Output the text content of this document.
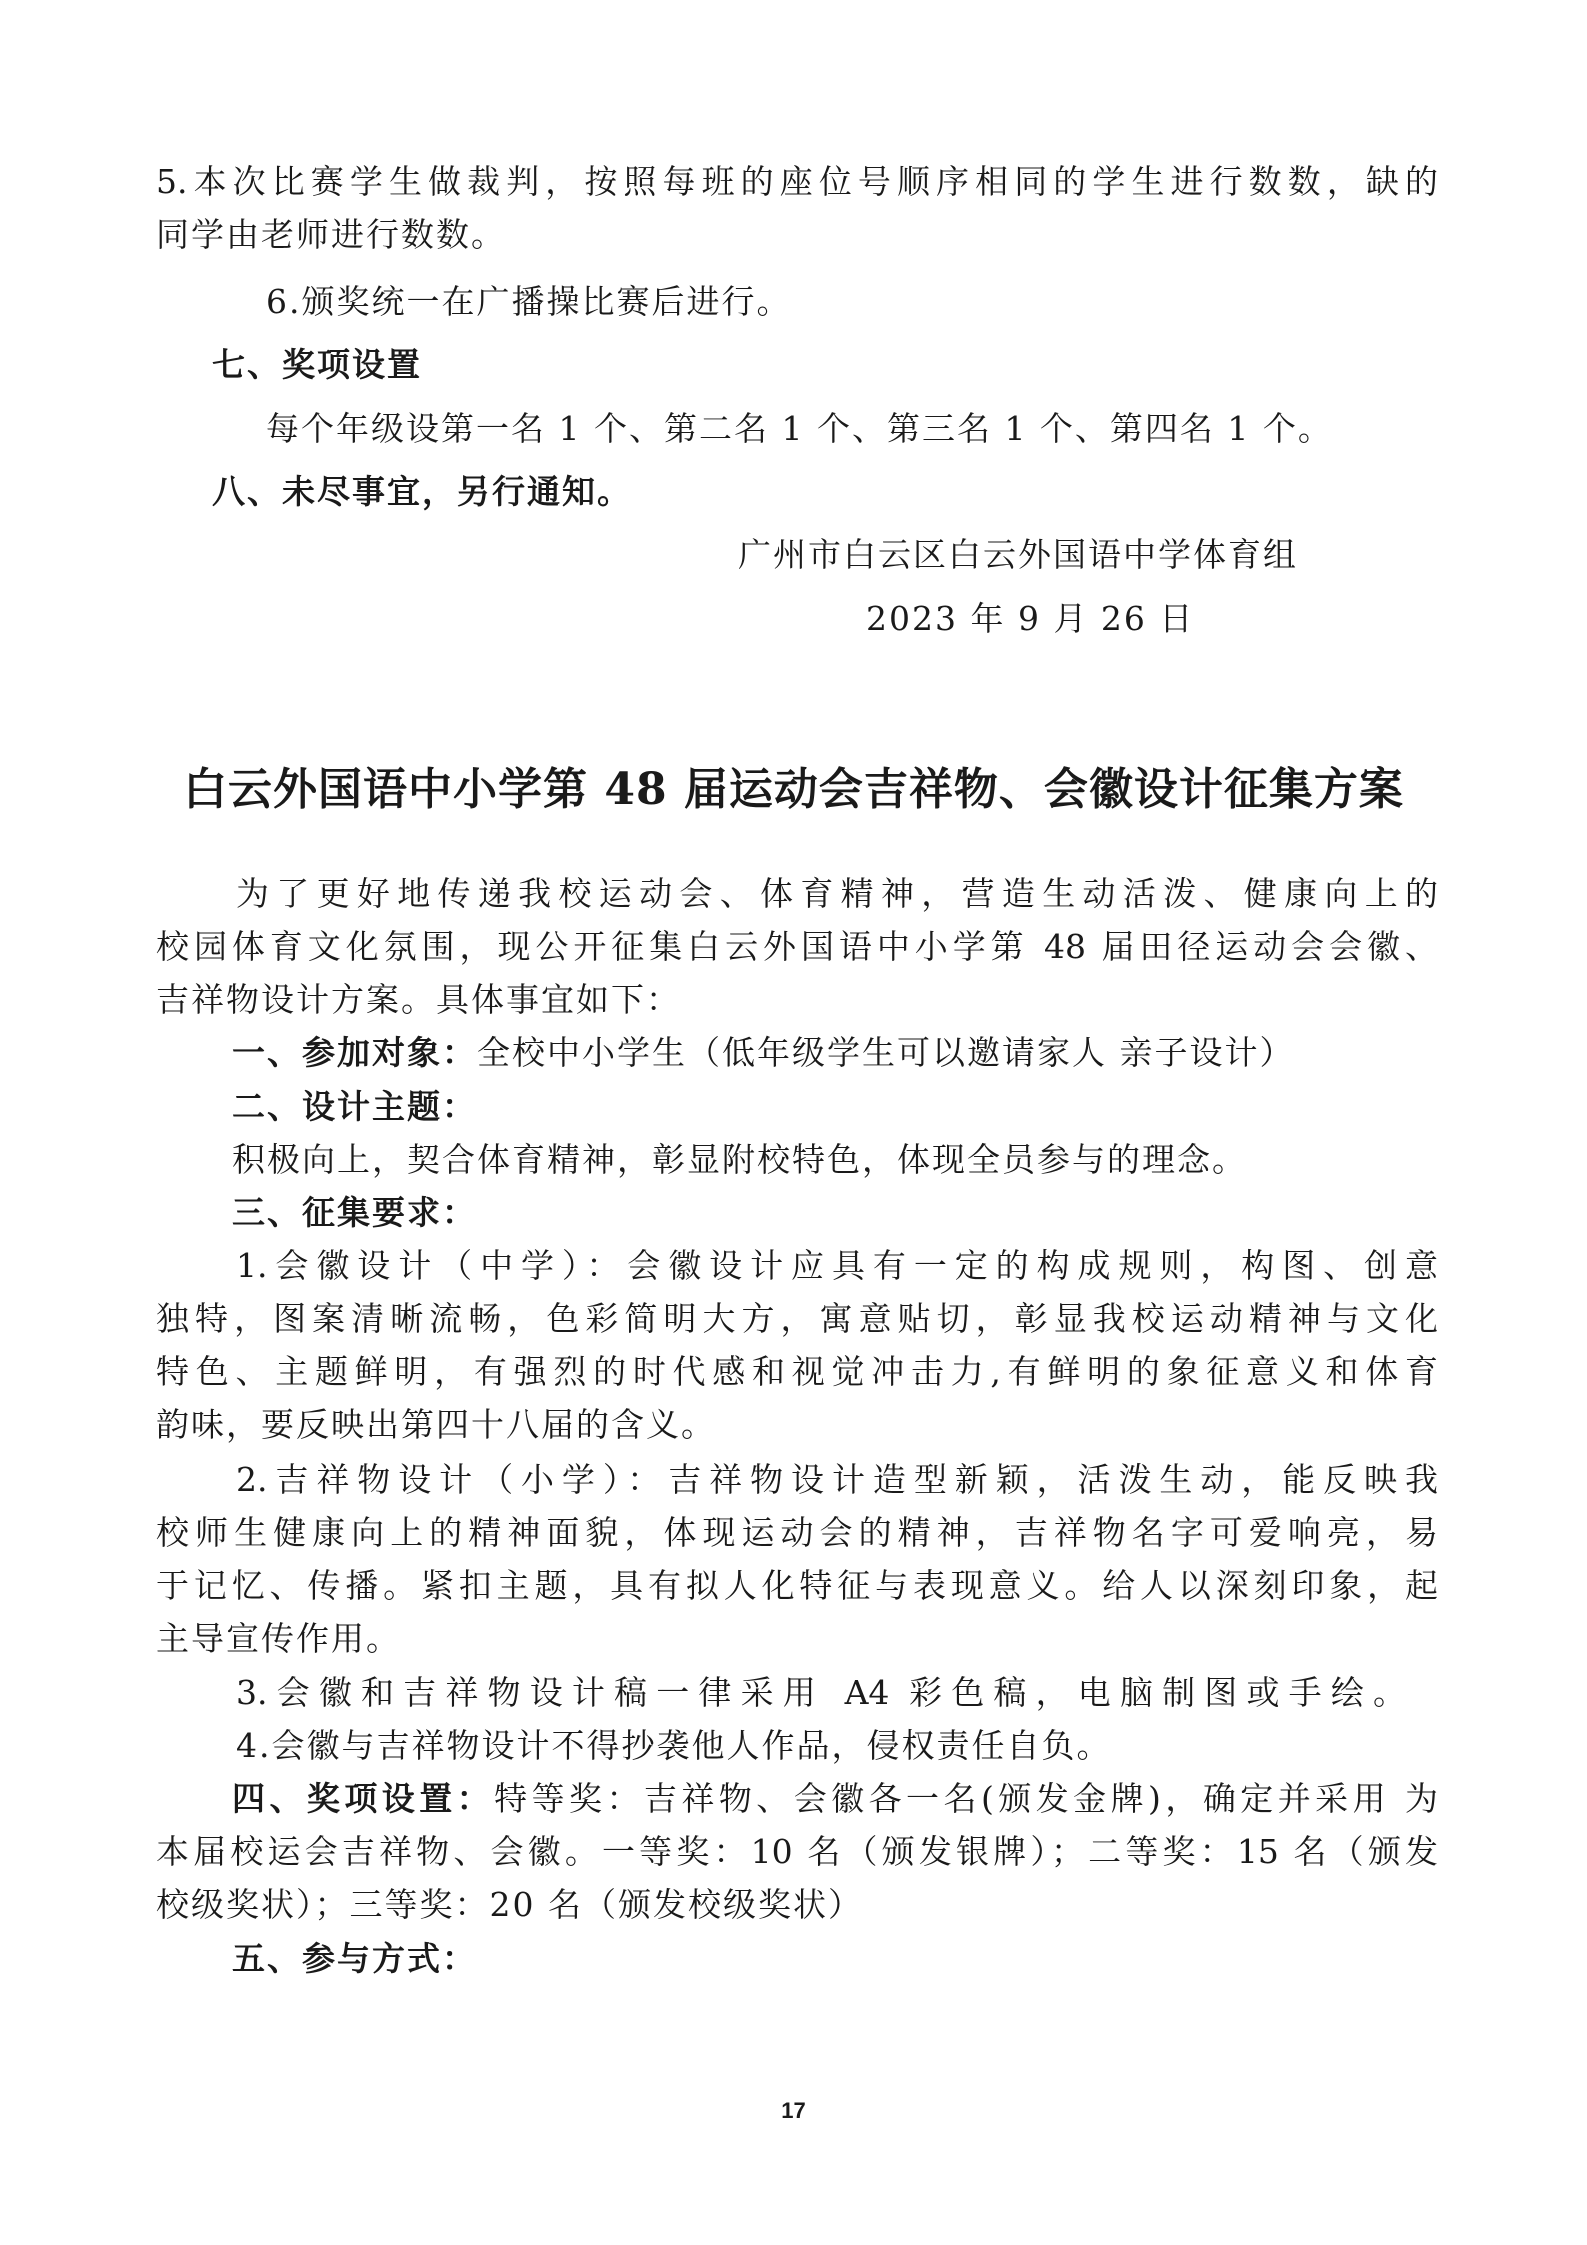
5.本次比赛学生做裁判，按照每班的座位号顺序相同的学生进行数数，缺的
同学由老师进行数数。
6.颁奖统一在广播操比赛后进行。
七、奖项设置
每个年级设第一名 1 个、第二名 1 个、第三名 1 个、第四名 1 个。
八、未尽事宜，另行通知。
广州市白云区白云外国语中学体育组
2023 年 9 月 26 日
白云外国语中小学第 48 届运动会吉祥物、会徽设计征集方案
为了更好地传递我校运动会、体育精神，营造生动活泼、健康向上的
校园体育文化氛围，现公开征集白云外国语中小学第 48 届田径运动会会徽、
吉祥物设计方案。具体事宜如下：
一、参加对象：全校中小学生（低年级学生可以邀请家人 亲子设计）
二、设计主题：
积极向上，契合体育精神，彰显附校特色，体现全员参与的理念。
三、征集要求：
1.会徽设计（中学）：会徽设计应具有一定的构成规则，构图、创意
独特，图案清晰流畅，色彩简明大方，寓意贴切，彰显我校运动精神与文化
特色、主题鲜明，有强烈的时代感和视觉冲击力,有鲜明的象征意义和体育
韵味，要反映出第四十八届的含义。
2.吉祥物设计（小学）：吉祥物设计造型新颖，活泼生动，能反映我
校师生健康向上的精神面貌，体现运动会的精神，吉祥物名字可爱响亮，易
于记忆、传播。紧扣主题，具有拟人化特征与表现意义。给人以深刻印象，起
主导宣传作用。
3.会徽和吉祥物设计稿一律采用 A4 彩色稿，电脑制图或手绘。
4.会徽与吉祥物设计不得抄袭他人作品，侵权责任自负。
四、奖项设置：特等奖：吉祥物、会徽各一名(颁发金牌)，确定并采用 为
本届校运会吉祥物、会徽。一等奖：10 名（颁发银牌）；二等奖：15 名（颁发
校级奖状）；三等奖：20 名（颁发校级奖状）
五、参与方式：
17
